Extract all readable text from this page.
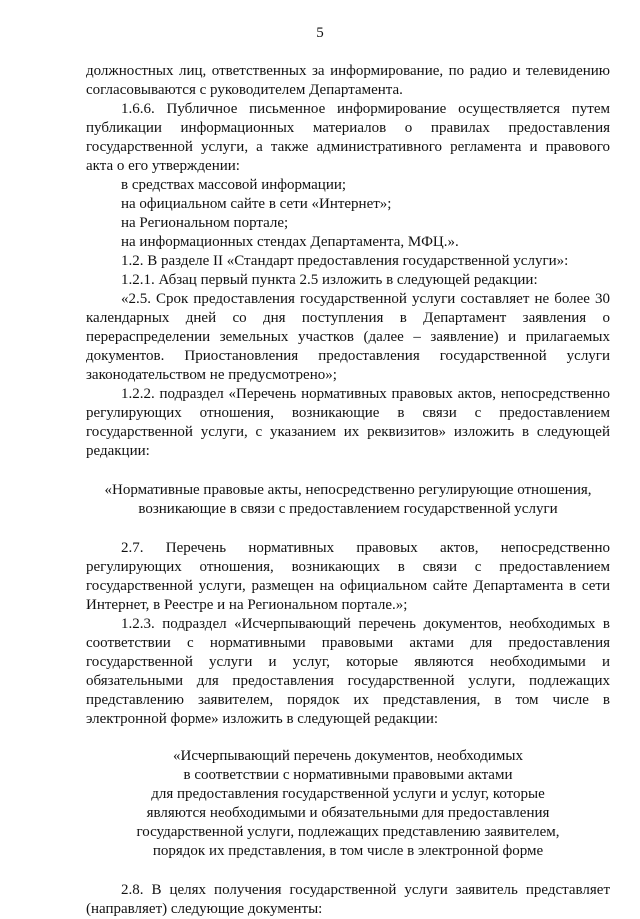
5

должностных лиц, ответственных за информирование, по радио и телевидению согласовываются с руководителем Департамента.

1.6.6. Публичное письменное информирование осуществляется путем публикации информационных материалов о правилах предоставления государственной услуги, а также административного регламента и правового акта о его утверждении:

в средствах массовой информации;

на официальном сайте в сети «Интернет»;

на Региональном портале;

на информационных стендах Департамента, МФЦ.».

1.2. В разделе II «Стандарт предоставления государственной услуги»:

1.2.1. Абзац первый пункта 2.5 изложить в следующей редакции:

«2.5. Срок предоставления государственной услуги составляет не более 30 календарных дней со дня поступления в Департамент заявления о перераспределении земельных участков (далее – заявление) и прилагаемых документов. Приостановления предоставления государственной услуги законодательством не предусмотрено»;

1.2.2. подраздел «Перечень нормативных правовых актов, непосредственно регулирующих отношения, возникающие в связи с предоставлением государственной услуги, с указанием их реквизитов» изложить в следующей редакции:

«Нормативные правовые акты, непосредственно регулирующие отношения,

возникающие в связи с предоставлением государственной услуги

2.7. Перечень нормативных правовых актов, непосредственно регулирующих отношения, возникающих в связи с предоставлением государственной услуги, размещен на официальном сайте Департамента в сети Интернет, в Реестре и на Региональном портале.»;

1.2.3. подраздел «Исчерпывающий перечень документов, необходимых в соответствии с нормативными правовыми актами для предоставления государственной услуги и услуг, которые являются необходимыми и обязательными для предоставления государственной услуги, подлежащих представлению заявителем, порядок их представления, в том числе в электронной форме» изложить в следующей редакции:

«Исчерпывающий перечень документов, необходимых

в соответствии с нормативными правовыми актами

для предоставления государственной услуги и услуг, которые

являются необходимыми и обязательными для предоставления

государственной услуги, подлежащих представлению заявителем,

порядок их представления, в том числе в электронной форме

2.8. В целях получения государственной услуги заявитель представляет (направляет) следующие документы:
